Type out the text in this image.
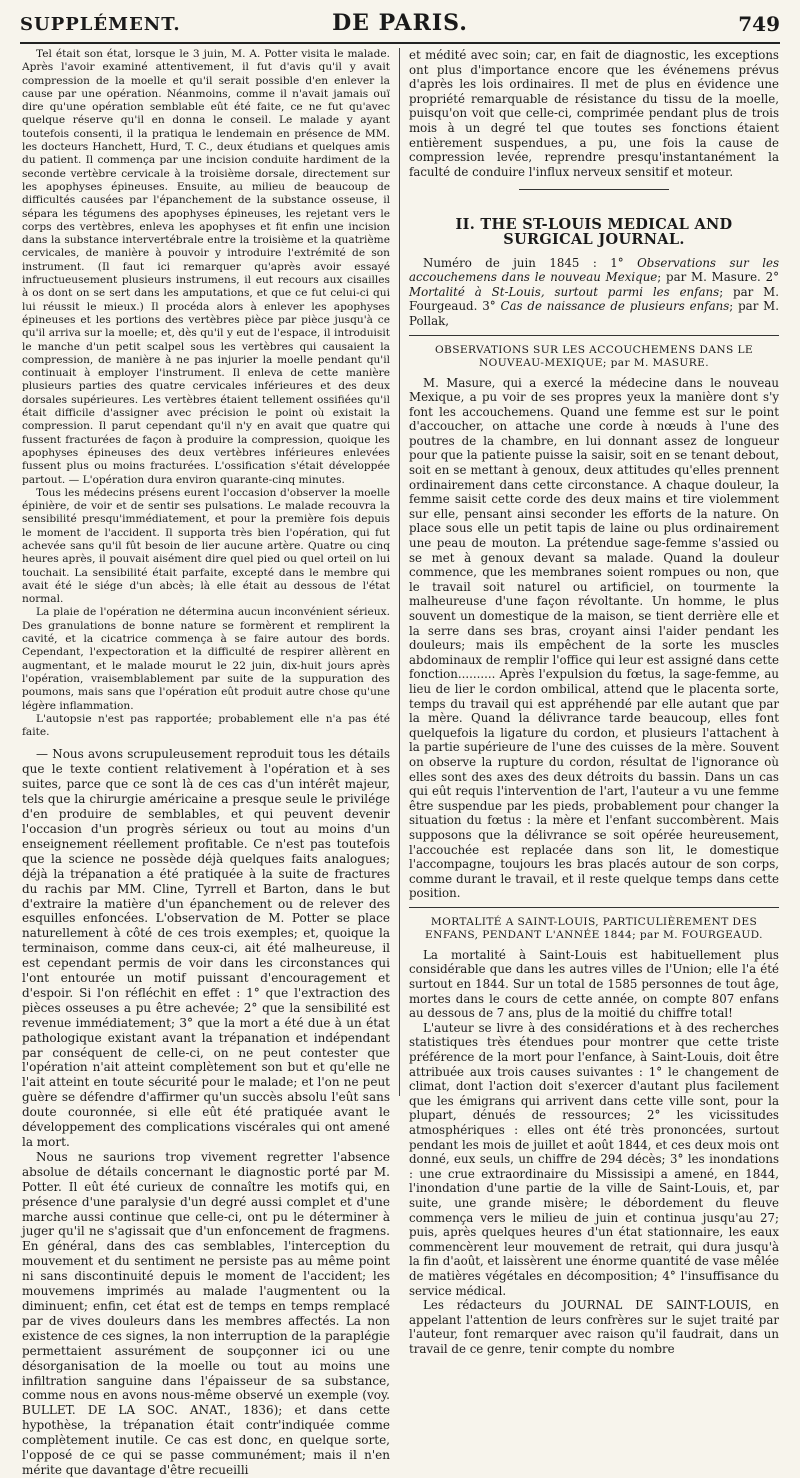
SUPPLÉMENT.	DE PARIS.	749

Tel était son état, lorsque le 3 juin, M. A. Potter visita le malade. Après l'avoir examiné attentivement, il fut d'avis qu'il y avait compression de la moelle et qu'il serait possible d'en enlever la cause par une opération. Néanmoins, comme il n'avait jamais ouï dire qu'une opération semblable eût été faite, ce ne fut qu'avec quelque réserve qu'il en donna le conseil. Le malade y ayant toutefois consenti, il la pratiqua le lendemain en présence de MM. les docteurs Hanchett, Hurd, T. C., deux étudians et quelques amis du patient. Il commença par une incision conduite hardiment de la seconde vertèbre cervicale à la troisième dorsale, directement sur les apophyses épineuses. Ensuite, au milieu de beaucoup de difficultés causées par l'épanchement de la substance osseuse, il sépara les tégumens des apophyses épineuses, les rejetant vers le corps des vertèbres, enleva les apophyses et fit enfin une incision dans la substance intervertébrale entre la troisième et la quatrième cervicales, de manière à pouvoir y introduire l'extrémité de son instrument. (Il faut ici remarquer qu'après avoir essayé infructueusement plusieurs instrumens, il eut recours aux cisailles à os dont on se sert dans les amputations, et que ce fut celui-ci qui lui réussit le mieux.) Il procéda alors à enlever les apophyses épineuses et les portions des vertèbres pièce par pièce jusqu'à ce qu'il arriva sur la moelle; et, dès qu'il y eut de l'espace, il introduisit le manche d'un petit scalpel sous les vertèbres qui causaient la compression, de manière à ne pas injurier la moelle pendant qu'il continuait à employer l'instrument. Il enleva de cette manière plusieurs parties des quatre cervicales inférieures et des deux dorsales supérieures. Les vertèbres étaient tellement ossifiées qu'il était difficile d'assigner avec précision le point où existait la compression. Il parut cependant qu'il n'y en avait que quatre qui fussent fracturées de façon à produire la compression, quoique les apophyses épineuses des deux vertèbres inférieures enlevées fussent plus ou moins fracturées. L'ossification s'était développée partout. — L'opération dura environ quarante-cinq minutes.

Tous les médecins présens eurent l'occasion d'observer la moelle épinière, de voir et de sentir ses pulsations. Le malade recouvra la sensibilité presqu'immédiatement, et pour la première fois depuis le moment de l'accident. Il supporta très bien l'opération, qui fut achevée sans qu'il fût besoin de lier aucune artère. Quatre ou cinq heures après, il pouvait aisément dire quel pied ou quel orteil on lui touchait. La sensibilité était parfaite, excepté dans le membre qui avait été le siége d'un abcès; là elle était au dessous de l'état normal.

La plaie de l'opération ne détermina aucun inconvénient sérieux. Des granulations de bonne nature se formèrent et remplirent la cavité, et la cicatrice commença à se faire autour des bords. Cependant, l'expectoration et la difficulté de respirer allèrent en augmentant, et le malade mourut le 22 juin, dix-huit jours après l'opération, vraisemblablement par suite de la suppuration des poumons, mais sans que l'opération eût produit autre chose qu'une légère inflammation.

L'autopsie n'est pas rapportée; probablement elle n'a pas été faite.

— Nous avons scrupuleusement reproduit tous les détails que le texte contient relativement à l'opération et à ses suites, parce que ce sont là de ces cas d'un intérêt majeur, tels que la chirurgie américaine a presque seule le privilége d'en produire de semblables, et qui peuvent devenir l'occasion d'un progrès sérieux ou tout au moins d'un enseignement réellement profitable. Ce n'est pas toutefois que la science ne possède déjà quelques faits analogues; déjà la trépanation a été pratiquée à la suite de fractures du rachis par MM. Cline, Tyrrell et Barton, dans le but d'extraire la matière d'un épanchement ou de relever des esquilles enfoncées. L'observation de M. Potter se place naturellement à côté de ces trois exemples; et, quoique la terminaison, comme dans ceux-ci, ait été malheureuse, il est cependant permis de voir dans les circonstances qui l'ont entourée un motif puissant d'encouragement et d'espoir. Si l'on réfléchit en effet : 1° que l'extraction des pièces osseuses a pu être achevée; 2° que la sensibilité est revenue immédiatement; 3° que la mort a été due à un état pathologique existant avant la trépanation et indépendant par conséquent de celle-ci, on ne peut contester que l'opération n'ait atteint complètement son but et qu'elle ne l'ait atteint en toute sécurité pour le malade; et l'on ne peut guère se défendre d'affirmer qu'un succès absolu l'eût sans doute couronnée, si elle eût été pratiquée avant le développement des complications viscérales qui ont amené la mort.

Nous ne saurions trop vivement regretter l'absence absolue de détails concernant le diagnostic porté par M. Potter. Il eût été curieux de connaître les motifs qui, en présence d'une paralysie d'un degré aussi complet et d'une marche aussi continue que celle-ci, ont pu le déterminer à juger qu'il ne s'agissait que d'un enfoncement de fragmens. En général, dans des cas semblables, l'interception du mouvement et du sentiment ne persiste pas au même point ni sans discontinuité depuis le moment de l'accident; les mouvemens imprimés au malade l'augmentent ou la diminuent; enfin, cet état est de temps en temps remplacé par de vives douleurs dans les membres affectés. La non existence de ces signes, la non interruption de la paraplégie permettaient assurément de soupçonner ici ou une désorganisation de la moelle ou tout au moins une infiltration sanguine dans l'épaisseur de sa substance, comme nous en avons nous-même observé un exemple (voy. BULLET. DE LA SOC. ANAT., 1836); et dans cette hypothèse, la trépanation était contr'indiquée comme complètement inutile. Ce cas est donc, en quelque sorte, l'opposé de ce qui se passe communément; mais il n'en mérite que davantage d'être recueilli

et médité avec soin; car, en fait de diagnostic, les exceptions ont plus d'importance encore que les événemens prévus d'après les lois ordinaires. Il met de plus en évidence une propriété remarquable de résistance du tissu de la moelle, puisqu'on voit que celle-ci, comprimée pendant plus de trois mois à un degré tel que toutes ses fonctions étaient entièrement suspendues, a pu, une fois la cause de compression levée, reprendre presqu'instantanément la faculté de conduire l'influx nerveux sensitif et moteur.

II. THE ST-LOUIS MEDICAL AND SURGICAL JOURNAL.

Numéro de juin 1845 : 1° Observations sur les accouchemens dans le nouveau Mexique; par M. Masure. 2° Mortalité à St-Louis, surtout parmi les enfans; par M. Fourgeaud. 3° Cas de naissance de plusieurs enfans; par M. Pollak,

OBSERVATIONS SUR LES ACCOUCHEMENS DANS LE NOUVEAU-MEXIQUE; par M. MASURE.

M. Masure, qui a exercé la médecine dans le nouveau Mexique, a pu voir de ses propres yeux la manière dont s'y font les accouchemens. Quand une femme est sur le point d'accoucher, on attache une corde à nœuds à l'une des poutres de la chambre, en lui donnant assez de longueur pour que la patiente puisse la saisir, soit en se tenant debout, soit en se mettant à genoux, deux attitudes qu'elles prennent ordinairement dans cette circonstance. A chaque douleur, la femme saisit cette corde des deux mains et tire violemment sur elle, pensant ainsi seconder les efforts de la nature. On place sous elle un petit tapis de laine ou plus ordinairement une peau de mouton. La prétendue sage-femme s'assied ou se met à genoux devant sa malade. Quand la douleur commence, que les membranes soient rompues ou non, que le travail soit naturel ou artificiel, on tourmente la malheureuse d'une façon révoltante. Un homme, le plus souvent un domestique de la maison, se tient derrière elle et la serre dans ses bras, croyant ainsi l'aider pendant les douleurs; mais ils empêchent de la sorte les muscles abdominaux de remplir l'office qui leur est assigné dans cette fonction.......... Après l'expulsion du fœtus, la sage-femme, au lieu de lier le cordon ombilical, attend que le placenta sorte, temps du travail qui est appréhendé par elle autant que par la mère. Quand la délivrance tarde beaucoup, elles font quelquefois la ligature du cordon, et plusieurs l'attachent à la partie supérieure de l'une des cuisses de la mère. Souvent on observe la rupture du cordon, résultat de l'ignorance où elles sont des axes des deux détroits du bassin. Dans un cas qui eût requis l'intervention de l'art, l'auteur a vu une femme être suspendue par les pieds, probablement pour changer la situation du fœtus : la mère et l'enfant succombèrent. Mais supposons que la délivrance se soit opérée heureusement, l'accouchée est replacée dans son lit, le domestique l'accompagne, toujours les bras placés autour de son corps, comme durant le travail, et il reste quelque temps dans cette position.

MORTALITÉ A SAINT-LOUIS, PARTICULIÈREMENT DES ENFANS, PENDANT L'ANNÉE 1844; par M. FOURGEAUD.

La mortalité à Saint-Louis est habituellement plus considérable que dans les autres villes de l'Union; elle l'a été surtout en 1844. Sur un total de 1585 personnes de tout âge, mortes dans le cours de cette année, on compte 807 enfans au dessous de 7 ans, plus de la moitié du chiffre total!

L'auteur se livre à des considérations et à des recherches statistiques très étendues pour montrer que cette triste préférence de la mort pour l'enfance, à Saint-Louis, doit être attribuée aux trois causes suivantes : 1° le changement de climat, dont l'action doit s'exercer d'autant plus facilement que les émigrans qui arrivent dans cette ville sont, pour la plupart, dénués de ressources; 2° les vicissitudes atmosphériques : elles ont été très prononcées, surtout pendant les mois de juillet et août 1844, et ces deux mois ont donné, eux seuls, un chiffre de 294 décès; 3° les inondations : une crue extraordinaire du Mississipi a amené, en 1844, l'inondation d'une partie de la ville de Saint-Louis, et, par suite, une grande misère; le débordement du fleuve commença vers le milieu de juin et continua jusqu'au 27; puis, après quelques heures d'un état stationnaire, les eaux commencèrent leur mouvement de retrait, qui dura jusqu'à la fin d'août, et laissèrent une énorme quantité de vase mêlée de matières végétales en décomposition; 4° l'insuffisance du service médical.

Les rédacteurs du JOURNAL DE SAINT-LOUIS, en appelant l'attention de leurs confrères sur le sujet traité par l'auteur, font remarquer avec raison qu'il faudrait, dans un travail de ce genre, tenir compte du nombre
